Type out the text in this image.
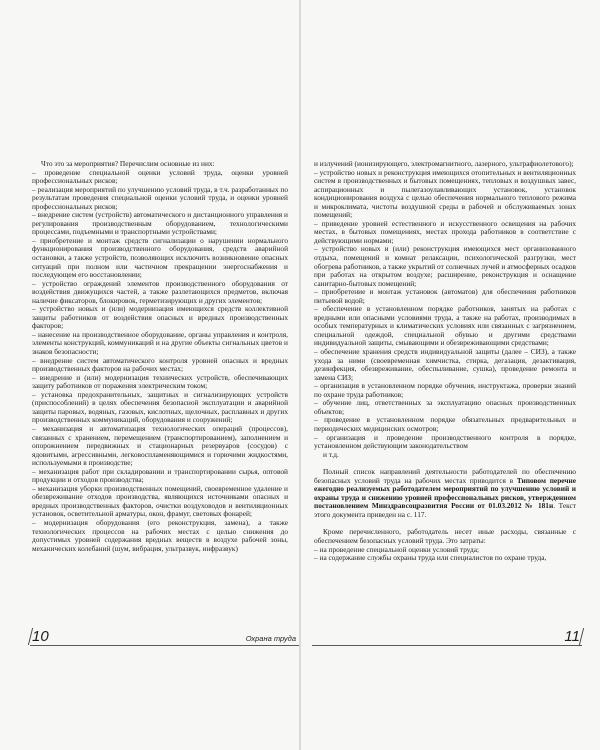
Что это за мероприятия? Перечислим основные из них:

– проведение специальной оценки условий труда, оценки уровней профессиональных рисков;

– реализация мероприятий по улучшению условий труда, в т.ч. разработанных по результатам проведения специальной оценки условий труда, и оценки уровней профессиональных рисков;

– внедрение систем (устройств) автоматического и дистанционного управления и регулирования производственным оборудованием, технологическими процессами, подъемными и транспортными устройствами;

– приобретение и монтаж средств сигнализации о нарушении нормального функционирования производственного оборудования, средств аварийной остановки, а также устройств, позволяющих исключить возникновение опасных ситуаций при полном или частичном прекращении энергоснабжения и последующем его восстановлении;

– устройство ограждений элементов производственного оборудования от воздействия движущихся частей, а также разлетающихся предметов, включая наличие фиксаторов, блокировок, герметизирующих и других элементов;

– устройство новых и (или) модернизация имеющихся средств коллективной защиты работников от воздействия опасных и вредных производственных факторов;

– нанесение на производственное оборудование, органы управления и контроля, элементы конструкций, коммуникаций и на другие объекты сигнальных цветов и знаков безопасности;

– внедрение систем автоматического контроля уровней опасных и вредных производственных факторов на рабочих местах;

– внедрение и (или) модернизация технических устройств, обеспечивающих защиту работников от поражения электрическим током;

– установка предохранительных, защитных и сигнализирующих устройств (приспособлений) в целях обеспечения безопасной эксплуатации и аварийной защиты паровых, водяных, газовых, кислотных, щелочных, расплавных и других производственных коммуникаций, оборудования и сооружений;

– механизация и автоматизация технологических операций (процессов), связанных с хранением, перемещением (транспортированием), заполнением и опорожнением передвижных и стационарных резервуаров (сосудов) с ядовитыми, агрессивными, легковоспламеняющимися и горючими жидкостями, используемыми в производстве;

– механизация работ при складировании и транспортировании сырья, оптовой продукции и отходов производства;

– механизация уборки производственных помещений, своевременное удаление и обезвреживание отходов производства, являющихся источниками опасных и вредных производственных факторов, очистки воздуховодов и вентиляционных установок, осветительной арматуры, окон, фрамуг, световых фонарей;

– модернизация оборудования (его реконструкция, замена), а также технологических процессов на рабочих местах с целью снижения до допустимых уровней содержания вредных веществ в воздухе рабочей зоны, механических колебаний (шум, вибрация, ультразвук, инфразвук)

10	Охрана труда

и излучений (ионизирующего, электромагнитного, лазерного, ультрафиолетового);

– устройство новых и реконструкция имеющихся отопительных и вентиляционных систем в производственных и бытовых помещениях, тепловых и воздушных завес, аспирационных и пылегазоулавливающих установок, установок кондиционирования воздуха с целью обеспечения нормального теплового режима и микроклимата, чистоты воздушной среды в рабочей и обслуживаемых зонах помещений;

– приведение уровней естественного и искусственного освещения на рабочих местах, в бытовых помещениях, местах прохода работников в соответствие с действующими нормами;

– устройство новых и (или) реконструкция имеющихся мест организованного отдыха, помещений и комнат релаксации, психологической разгрузки, мест обогрева работников, а также укрытий от солнечных лучей и атмосферных осадков при работах на открытом воздухе; расширение, реконструкция и оснащение санитарно-бытовых помещений;

– приобретение и монтаж установок (автоматов) для обеспечения работников питьевой водой;

– обеспечение в установленном порядке работников, занятых на работах с вредными или опасными условиями труда, а также на работах, производимых в особых температурных и климатических условиях или связанных с загрязнением, специальной одеждой, специальной обувью и другими средствами индивидуальной защиты, смывающими и обезвреживающими средствами;

– обеспечение хранения средств индивидуальной защиты (далее – СИЗ), а также ухода за ними (своевременная химчистка, стирка, дегазация, дезактивация, дезинфекция, обезвреживание, обеспыливание, сушка), проведение ремонта и замена СИЗ;

– организация в установленном порядке обучения, инструктажа, проверки знаний по охране труда работников;

– обучение лиц, ответственных за эксплуатацию опасных производственных объектов;

– проведение в установленном порядке обязательных предварительных и периодических медицинских осмотров;

– организация и проведение производственного контроля в порядке, установленном действующим законодательством

и т.д.

Полный список направлений деятельности работодателей по обеспечению безопасных условий труда на рабочих местах приводится в Типовом перечне ежегодно реализуемых работодателем мероприятий по улучшению условий и охраны труда и снижению уровней профессиональных рисков, утвержденном постановлением Минздравсоцразвития России от 01.03.2012 № 181н. Текст этого документа приведен на с. 117.

Кроме перечисленного, работодатель несет иные расходы, связанные с обеспечением безопасных условий труда. Это затраты:

– на проведение специальной оценки условий труда;

– на содержание службы охраны труда или специалистов по охране труда,

11
